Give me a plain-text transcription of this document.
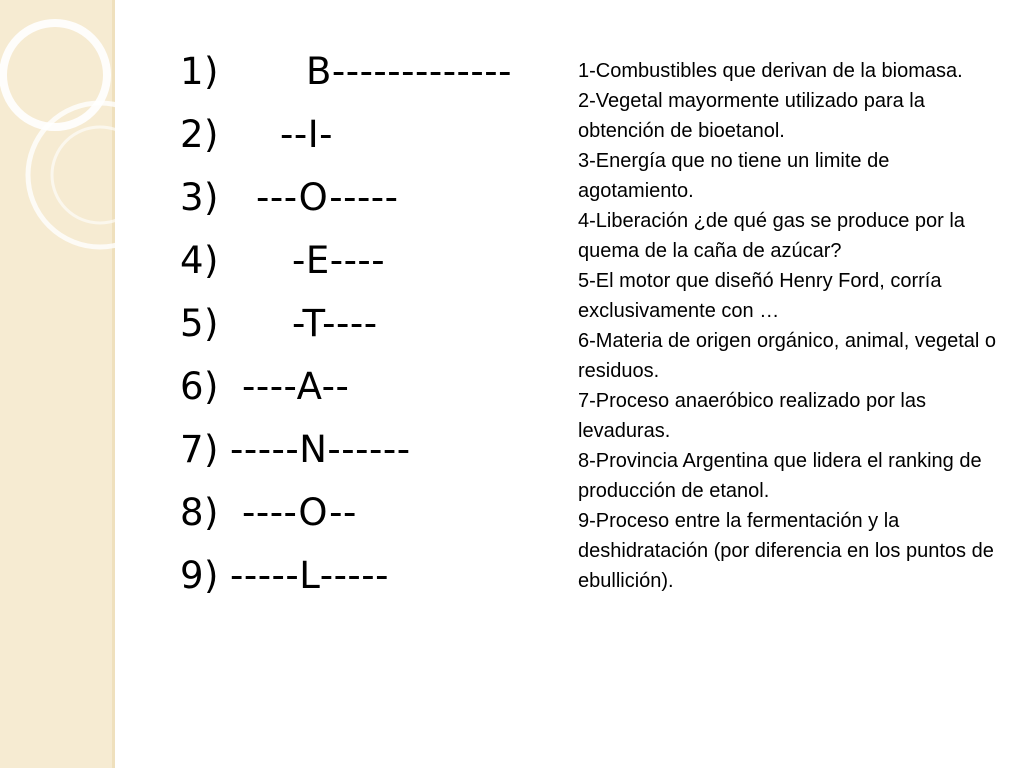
1) B-------------
2) --I-
3) ---O-----
4) -E----
5) -T----
6) ----A--
7) -----N------
8) ----O--
9) -----L-----
1-Combustibles que derivan de la biomasa.
2-Vegetal mayormente utilizado para la obtención de bioetanol.
3-Energía que no tiene un limite de agotamiento.
4-Liberación ¿de qué gas se produce por la quema de la caña de azúcar?
5-El motor que diseñó Henry Ford, corría exclusivamente con …
6-Materia de origen orgánico, animal, vegetal o residuos.
7-Proceso anaeróbico realizado por las levaduras.
8-Provincia Argentina que lidera el ranking de producción de etanol.
9-Proceso entre la fermentación y la deshidratación (por diferencia en los puntos de ebullición).
